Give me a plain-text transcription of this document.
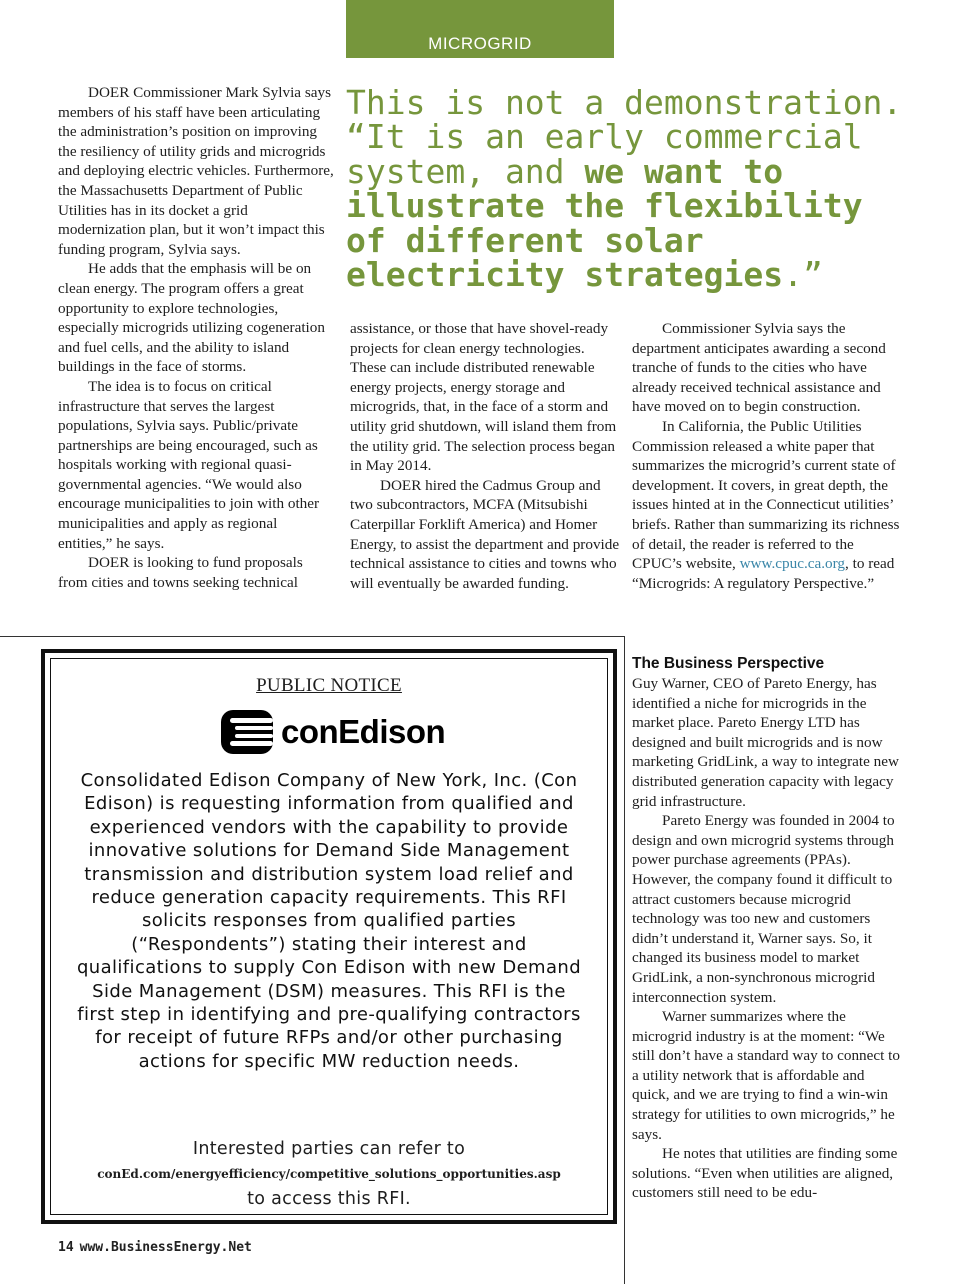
MICROGRID

DOER Commissioner Mark Sylvia says members of his staff have been articulating the administration’s position on improving the resiliency of utility grids and microgrids and deploying electric vehicles. Furthermore, the Massachusetts Department of Public Utilities has in its docket a grid modernization plan, but it won’t impact this funding program, Sylvia says.

He adds that the emphasis will be on clean energy. The program offers a great opportunity to explore technologies, especially microgrids utilizing cogeneration and fuel cells, and the ability to island buildings in the face of storms.

The idea is to focus on critical infrastructure that serves the largest populations, Sylvia says. Public/private partnerships are being encouraged, such as hospitals working with regional quasi-governmental agencies. “We would also encourage municipalities to join with other municipalities and apply as regional entities,” he says.

DOER is looking to fund proposals from cities and towns seeking technical

This is not a demonstration. “It is an early commercial system, and we want to illustrate the flexibility of different solar electricity strategies.”

assistance, or those that have shovel-ready projects for clean energy technologies. These can include distributed renewable energy projects, energy storage and microgrids, that, in the face of a storm and utility grid shutdown, will island them from the utility grid. The selection process began in May 2014.

DOER hired the Cadmus Group and two subcontractors, MCFA (Mitsubishi Caterpillar Forklift America) and Homer Energy, to assist the department and provide technical assistance to cities and towns who will eventually be awarded funding.

Commissioner Sylvia says the department anticipates awarding a second tranche of funds to the cities who have already received technical assistance and have moved on to begin construction.

In California, the Public Utilities Commission released a white paper that summarizes the microgrid’s current state of development. It covers, in great depth, the issues hinted at in the Connecticut utilities’ briefs. Rather than summarizing its richness of detail, the reader is referred to the CPUC’s website, www.cpuc.ca.org, to read “Microgrids: A regulatory Perspective.”

The Business Perspective

Guy Warner, CEO of Pareto Energy, has identified a niche for microgrids in the market place. Pareto Energy LTD has designed and built microgrids and is now marketing GridLink, a way to integrate new distributed generation capacity with legacy grid infrastructure.

Pareto Energy was founded in 2004 to design and own microgrid systems through power purchase agreements (PPAs). However, the company found it difficult to attract customers because microgrid technology was too new and customers didn’t understand it, Warner says. So, it changed its business model to market GridLink, a non-synchronous microgrid interconnection system.

Warner summarizes where the microgrid industry is at the moment: “We still don’t have a standard way to connect to a utility network that is affordable and quick, and we are trying to find a win-win strategy for utilities to own microgrids,” he says.

He notes that utilities are finding some solutions. “Even when utilities are aligned, customers still need to be edu-

PUBLIC NOTICE
conEdison
Consolidated Edison Company of New York, Inc. (Con Edison) is requesting information from qualified and experienced vendors with the capability to provide innovative solutions for Demand Side Management transmission and distribution system load relief and reduce generation capacity requirements. This RFI solicits responses from qualified parties (“Respondents”) stating their interest and qualifications to supply Con Edison with new Demand Side Management (DSM) measures. This RFI is the first step in identifying and pre-qualifying contractors for receipt of future RFPs and/or other purchasing actions for specific MW reduction needs.
Interested parties can refer to
conEd.com/energyefficiency/competitive_solutions_opportunities.asp
to access this RFI.
14 www.BusinessEnergy.Net
